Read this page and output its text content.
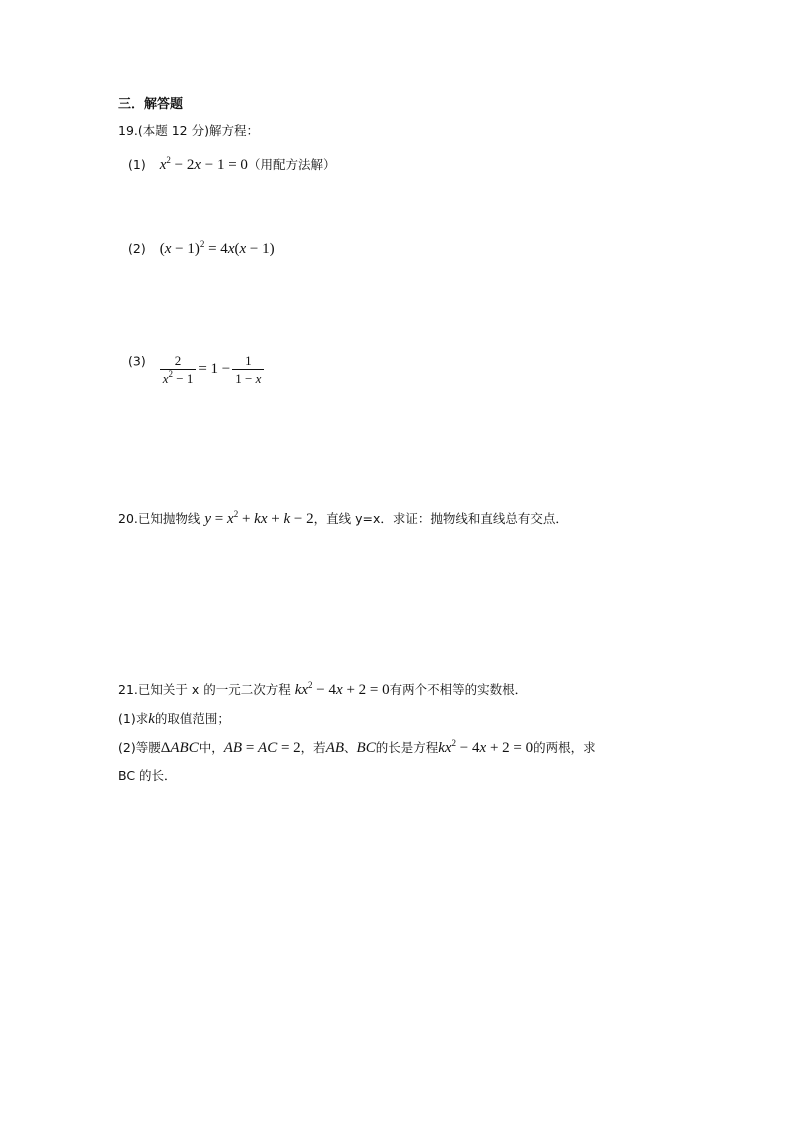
三．解答题
19.(本题 12 分)解方程：
(1) $x^2 - 2x - 1 = 0$（用配方法解）
(2) $(x - 1)^2 = 4x(x - 1)$
$(3) \frac{2}{x^2 - 1} = 1 - \frac{1}{1 - x}$
20.已知抛物线 $y = x^2$ + kx + k − 2，直线 y=x．求证：抛物线和直线总有交点．
21.已知关于 x 的一元二次方程 $kx^2 - 4x + 2 = 0$有两个不相等的实数根．
(1)求k的取值范围；
(2)等腰ΔABC中，AB = AC = 2，若AB、BC的长是方程$kx^2 - 4x + 2 = 0$的两根，求
BC 的长．
